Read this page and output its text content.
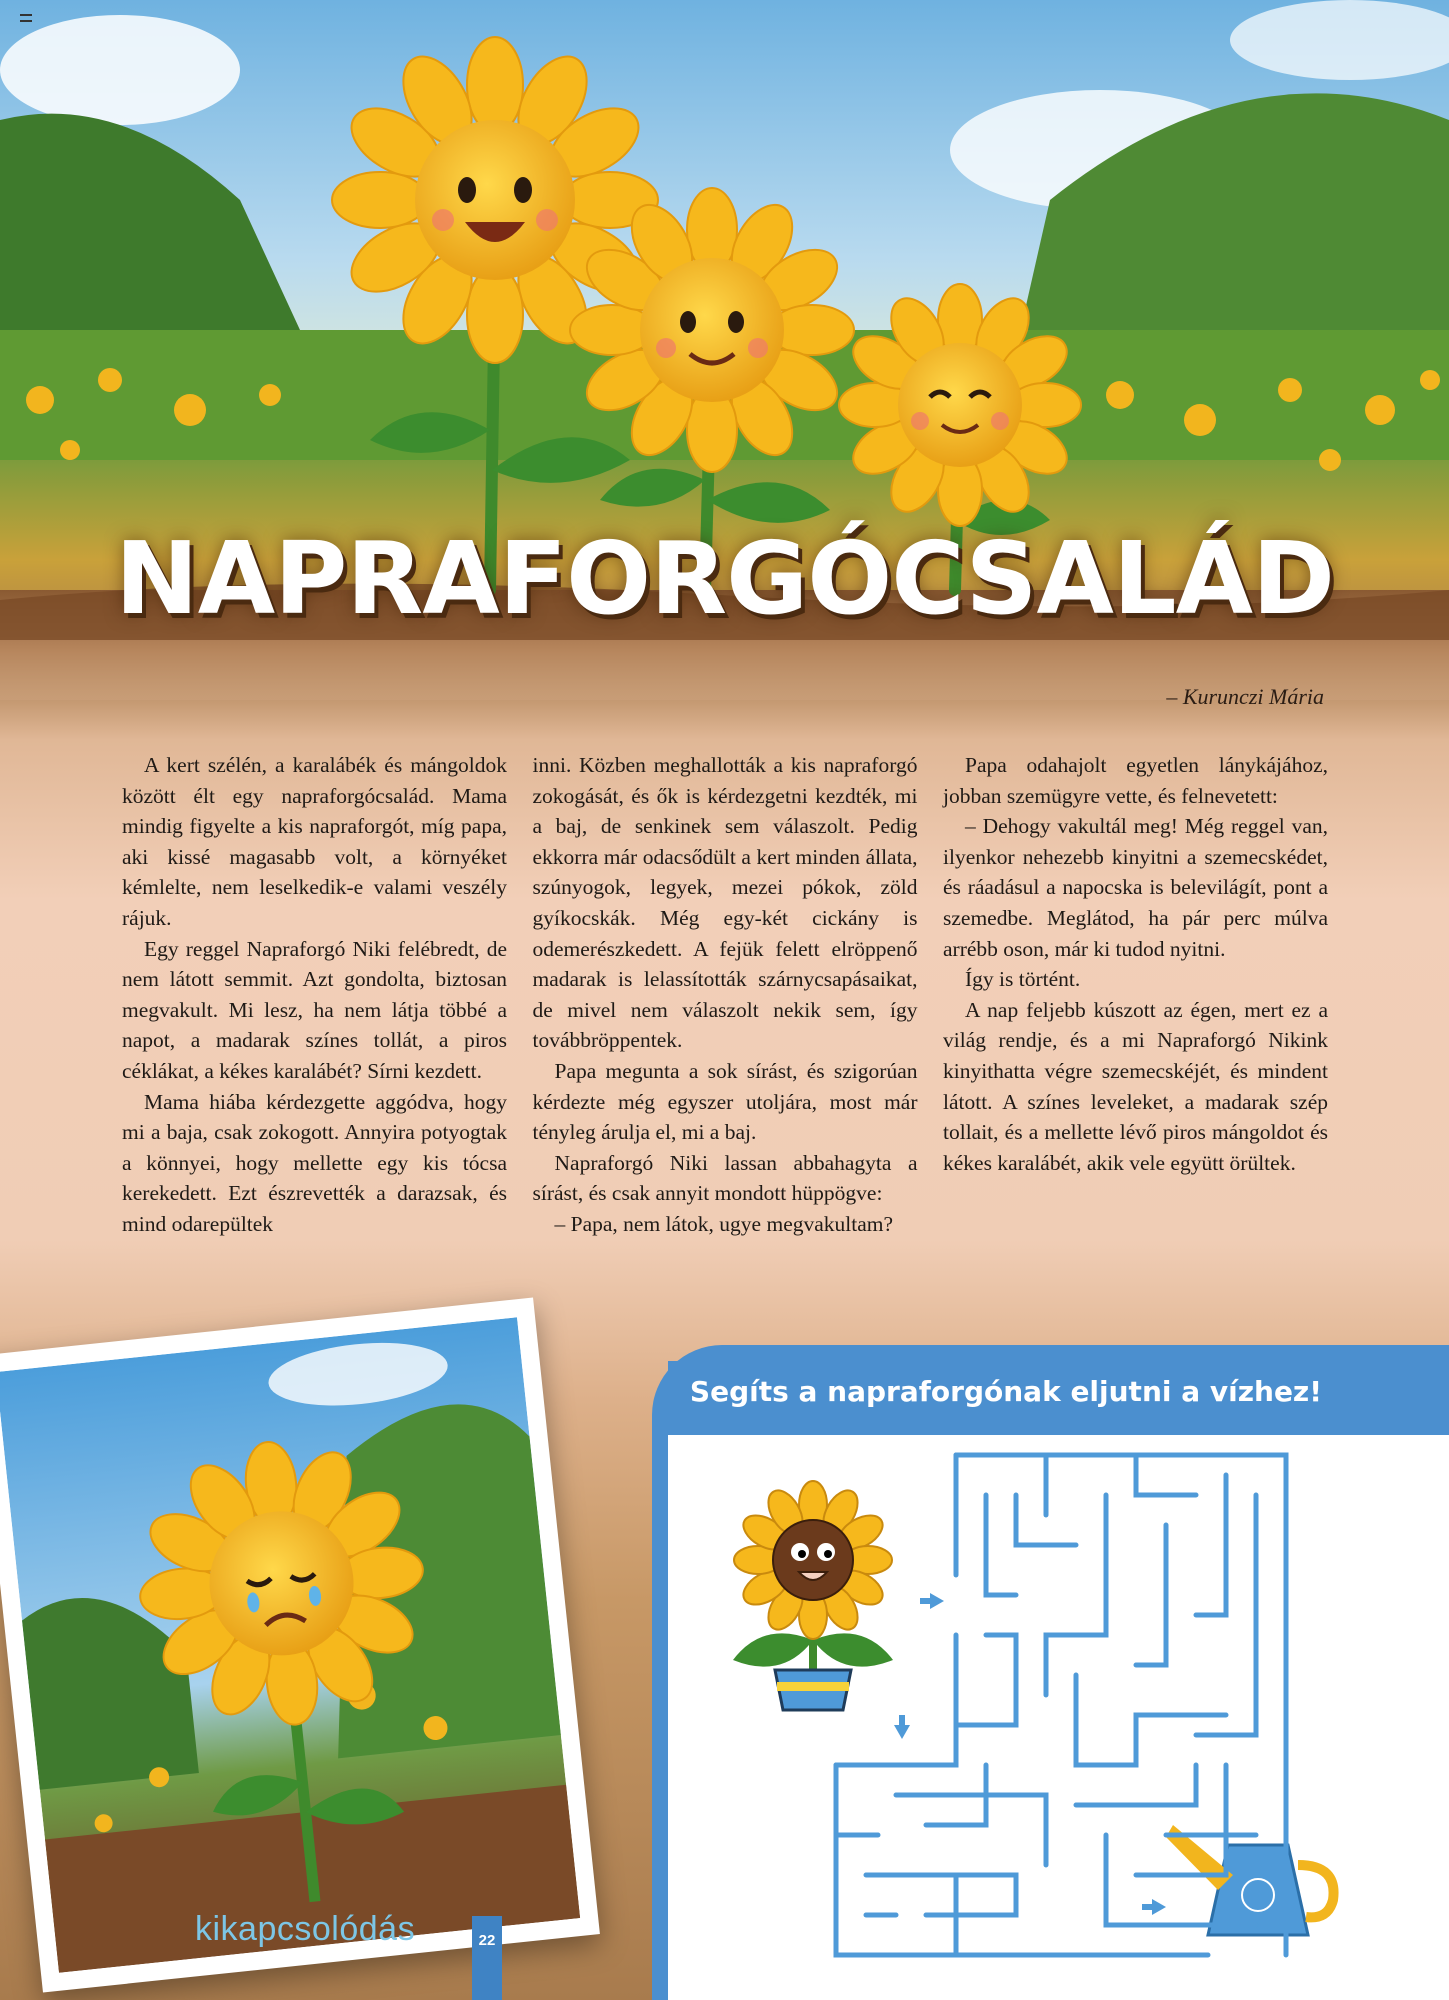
NAPRAFORGÓCSALÁD

– Kurunczi Mária

A kert szélén, a karalábék és mángoldok között élt egy napraforgócsalád. Mama mindig figyelte a kis napraforgót, míg papa, aki kissé magasabb volt, a környéket kémlelte, nem leselkedik-e valami veszély rájuk.

Egy reggel Napraforgó Niki felébredt, de nem látott semmit. Azt gondolta, biztosan megvakult. Mi lesz, ha nem látja többé a napot, a madarak színes tollát, a piros céklákat, a kékes karalábét? Sírni kezdett.

Mama hiába kérdezgette aggódva, hogy mi a baja, csak zokogott. Annyira potyogtak a könnyei, hogy mellette egy kis tócsa kerekedett. Ezt észrevették a darazsak, és mind odarepültek

inni. Közben meghallották a kis napraforgó zokogását, és ők is kérdezgetni kezdték, mi a baj, de senkinek sem válaszolt. Pedig ekkorra már odacsődült a kert minden állata, szúnyogok, legyek, mezei pókok, zöld gyíkocskák. Még egy-két cickány is odemerészkedett. A fejük felett elröppenő madarak is lelassították szárnycsapásaikat, de mivel nem válaszolt nekik sem, így továbbröppentek.

Papa megunta a sok sírást, és szigorúan kérdezte még egyszer utoljára, most már tényleg árulja el, mi a baj.

Napraforgó Niki lassan abbahagyta a sírást, és csak annyit mondott hüppögve:

– Papa, nem látok, ugye megvakultam?

Papa odahajolt egyetlen lánykájához, jobban szemügyre vette, és felnevetett:

– Dehogy vakultál meg! Még reggel van, ilyenkor nehezebb kinyitni a szemecskédet, és ráadásul a napocska is belevilágít, pont a szemedbe. Meglátod, ha pár perc múlva arrébb oson, már ki tudod nyitni.

Így is történt.

A nap feljebb kúszott az égen, mert ez a világ rendje, és a mi Napraforgó Nikink kinyithatta végre szemecskéjét, és mindent látott. A színes leveleket, a madarak szép tollait, és a mellette lévő piros mángoldot és kékes karalábét, akik vele együtt örültek.

kikapcsolódás	22

Segíts a napraforgónak eljutni a vízhez!
